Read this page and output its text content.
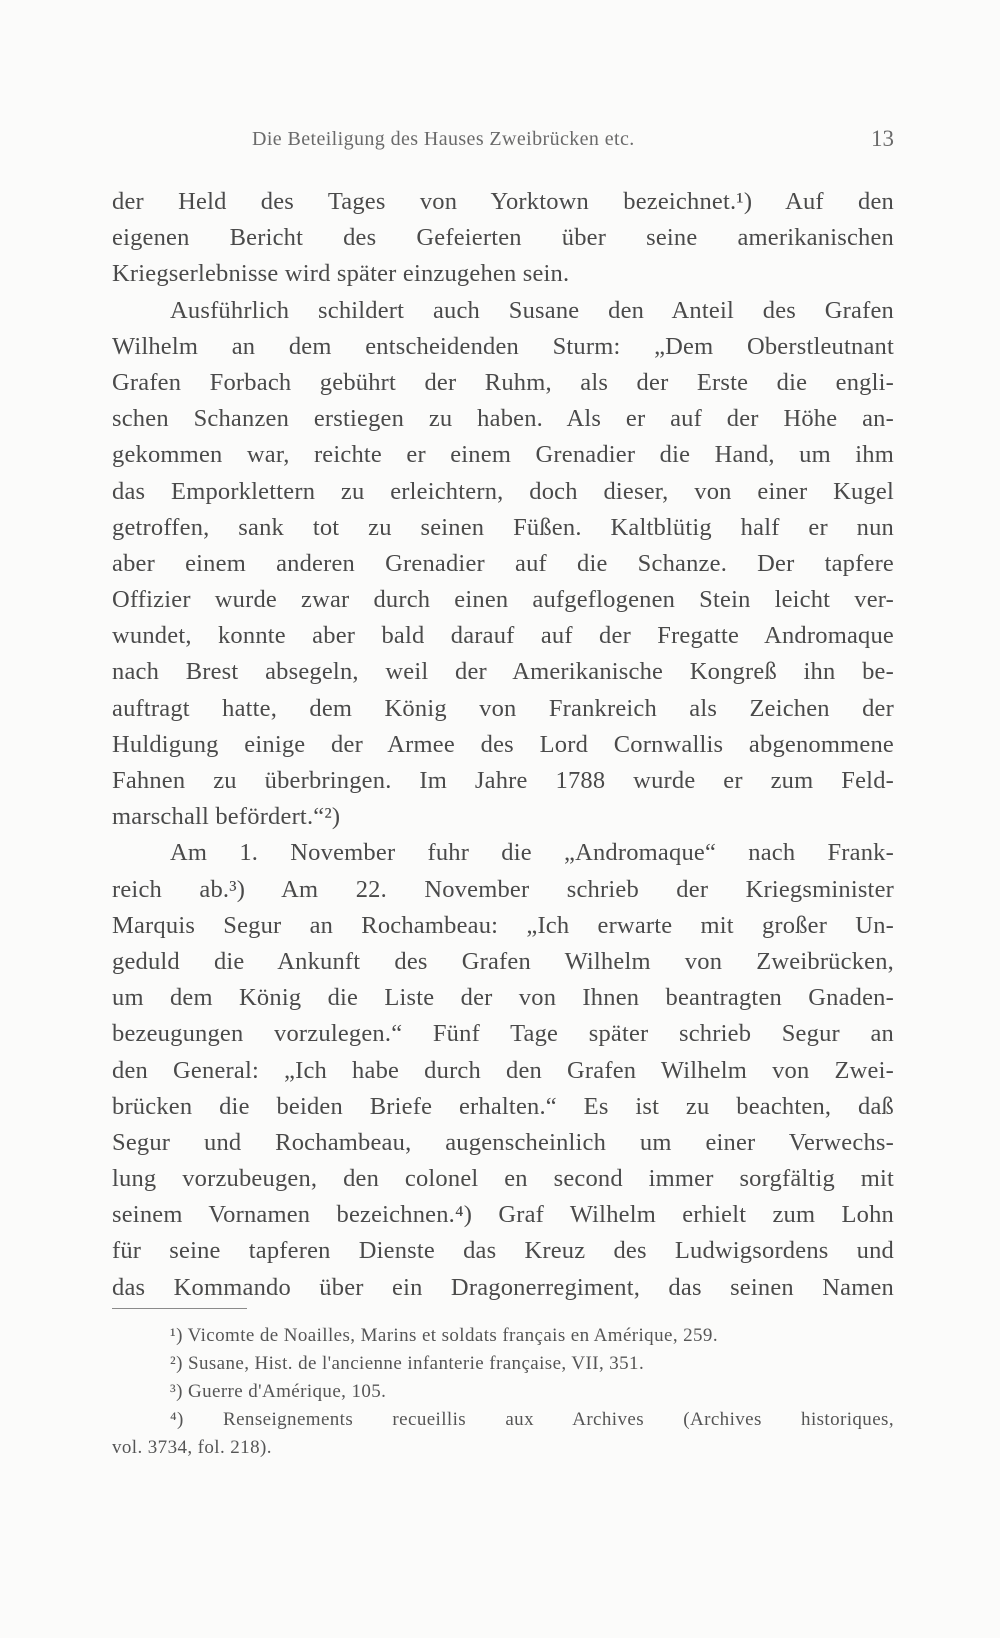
Die Beteiligung des Hauses Zweibrücken etc.	13
der Held des Tages von Yorktown bezeichnet.¹) Auf den
eigenen Bericht des Gefeierten über seine amerikanischen
Kriegserlebnisse wird später einzugehen sein.
Ausführlich schildert auch Susane den Anteil des Grafen
Wilhelm an dem entscheidenden Sturm: „Dem Oberstleutnant
Grafen Forbach gebührt der Ruhm, als der Erste die engli-
schen Schanzen erstiegen zu haben. Als er auf der Höhe an-
gekommen war, reichte er einem Grenadier die Hand, um ihm
das Emporklettern zu erleichtern, doch dieser, von einer Kugel
getroffen, sank tot zu seinen Füßen. Kaltblütig half er nun
aber einem anderen Grenadier auf die Schanze. Der tapfere
Offizier wurde zwar durch einen aufgeflogenen Stein leicht ver-
wundet, konnte aber bald darauf auf der Fregatte Andromaque
nach Brest absegeln, weil der Amerikanische Kongreß ihn be-
auftragt hatte, dem König von Frankreich als Zeichen der
Huldigung einige der Armee des Lord Cornwallis abgenommene
Fahnen zu überbringen. Im Jahre 1788 wurde er zum Feld-
marschall befördert.“²)
Am 1. November fuhr die „Andromaque“ nach Frank-
reich ab.³) Am 22. November schrieb der Kriegsminister
Marquis Segur an Rochambeau: „Ich erwarte mit großer Un-
geduld die Ankunft des Grafen Wilhelm von Zweibrücken,
um dem König die Liste der von Ihnen beantragten Gnaden-
bezeugungen vorzulegen.“ Fünf Tage später schrieb Segur an
den General: „Ich habe durch den Grafen Wilhelm von Zwei-
brücken die beiden Briefe erhalten.“ Es ist zu beachten, daß
Segur und Rochambeau, augenscheinlich um einer Verwechs-
lung vorzubeugen, den colonel en second immer sorgfältig mit
seinem Vornamen bezeichnen.⁴) Graf Wilhelm erhielt zum Lohn
für seine tapferen Dienste das Kreuz des Ludwigsordens und
das Kommando über ein Dragonerregiment, das seinen Namen
¹) Vicomte de Noailles, Marins et soldats français en Amérique, 259.
²) Susane, Hist. de l'ancienne infanterie française, VII, 351.
³) Guerre d'Amérique, 105.
⁴) Renseignements recueillis aux Archives (Archives historiques,
vol. 3734, fol. 218).
